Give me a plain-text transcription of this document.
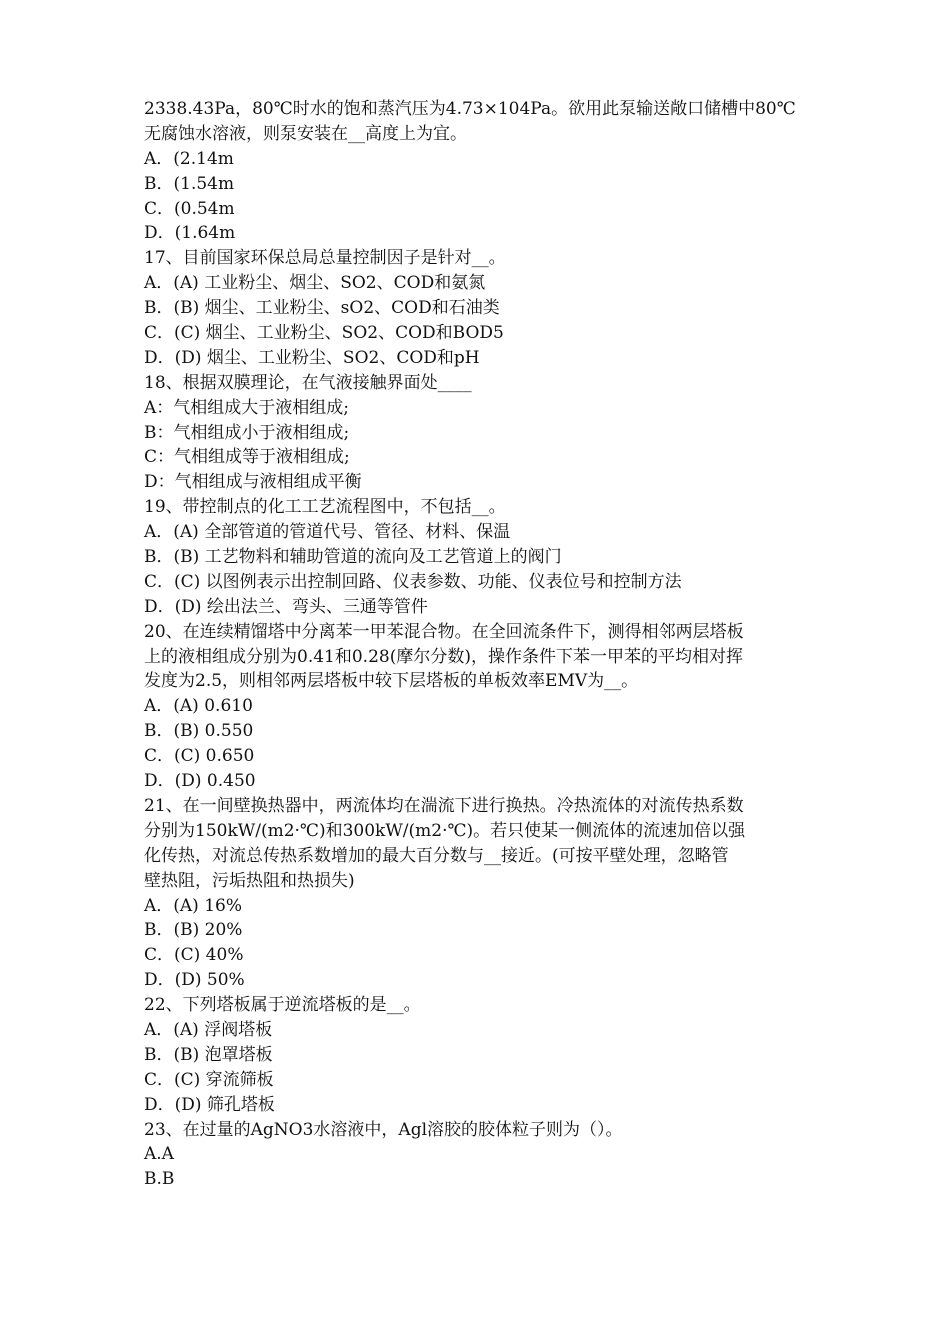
2338.43Pa，80℃时水的饱和蒸汽压为4.73×104Pa。欲用此泵输送敞口储槽中80℃
无腐蚀水溶液，则泵安装在__高度上为宜。
A．(2.14m
B．(1.54m
C．(0.54m
D．(1.64m
17、目前国家环保总局总量控制因子是针对__。
A．(A) 工业粉尘、烟尘、SO2、COD和氨氮
B．(B) 烟尘、工业粉尘、sO2、COD和石油类
C．(C) 烟尘、工业粉尘、SO2、COD和BOD5
D．(D) 烟尘、工业粉尘、SO2、COD和pH
18、根据双膜理论，在气液接触界面处____
A：气相组成大于液相组成;
B：气相组成小于液相组成;
C：气相组成等于液相组成;
D：气相组成与液相组成平衡
19、带控制点的化工工艺流程图中，不包括__。
A．(A) 全部管道的管道代号、管径、材料、保温
B．(B) 工艺物料和辅助管道的流向及工艺管道上的阀门
C．(C) 以图例表示出控制回路、仪表参数、功能、仪表位号和控制方法
D．(D) 绘出法兰、弯头、三通等管件
20、在连续精馏塔中分离苯一甲苯混合物。在全回流条件下，测得相邻两层塔板
上的液相组成分别为0.41和0.28(摩尔分数)，操作条件下苯一甲苯的平均相对挥
发度为2.5，则相邻两层塔板中较下层塔板的单板效率EMV为__。
A．(A) 0.610
B．(B) 0.550
C．(C) 0.650
D．(D) 0.450
21、在一间壁换热器中，两流体均在湍流下进行换热。冷热流体的对流传热系数
分别为150kW/(m2·℃)和300kW/(m2·℃)。若只使某一侧流体的流速加倍以强
化传热，对流总传热系数增加的最大百分数与__接近。(可按平壁处理，忽略管
壁热阻，污垢热阻和热损失)
A．(A) 16%
B．(B) 20%
C．(C) 40%
D．(D) 50%
22、下列塔板属于逆流塔板的是__。
A．(A) 浮阀塔板
B．(B) 泡罩塔板
C．(C) 穿流筛板
D．(D) 筛孔塔板
23、在过量的AgNO3水溶液中，Agl溶胶的胶体粒子则为（）。
A.A
B.B
